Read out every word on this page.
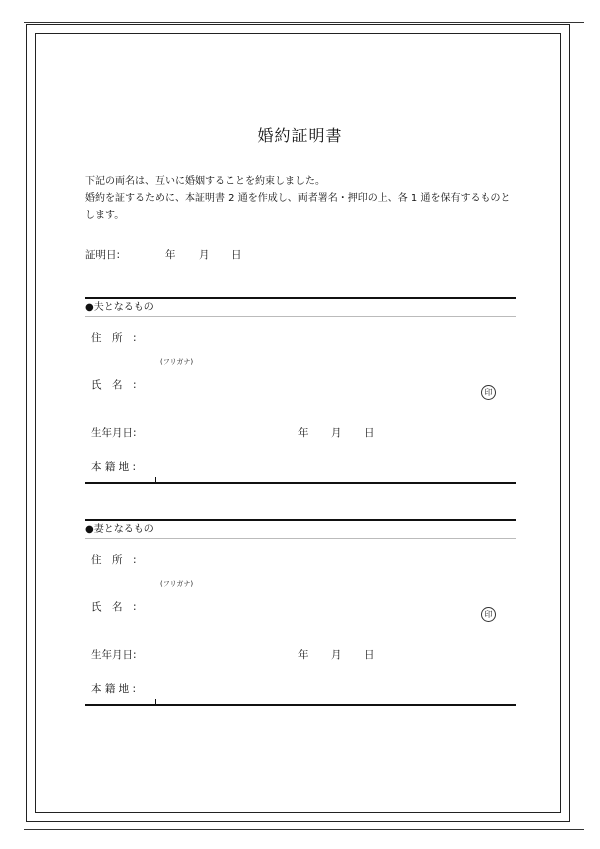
婚約証明書

下記の両名は、互いに婚姻することを約束しました。

婚約を証するために、本証明書 2 通を作成し、両者署名・押印の上、各 1 通を保有するものと

します。

証明日:	年 月 日
●夫となるもの
住　所　:
(フリガナ)
氏　名　:
印
生年月日:	年 月 日
本 籍 地 :
●妻となるもの
住　所　:
(フリガナ)
氏　名　:
印
生年月日:	年 月 日
本 籍 地 :
